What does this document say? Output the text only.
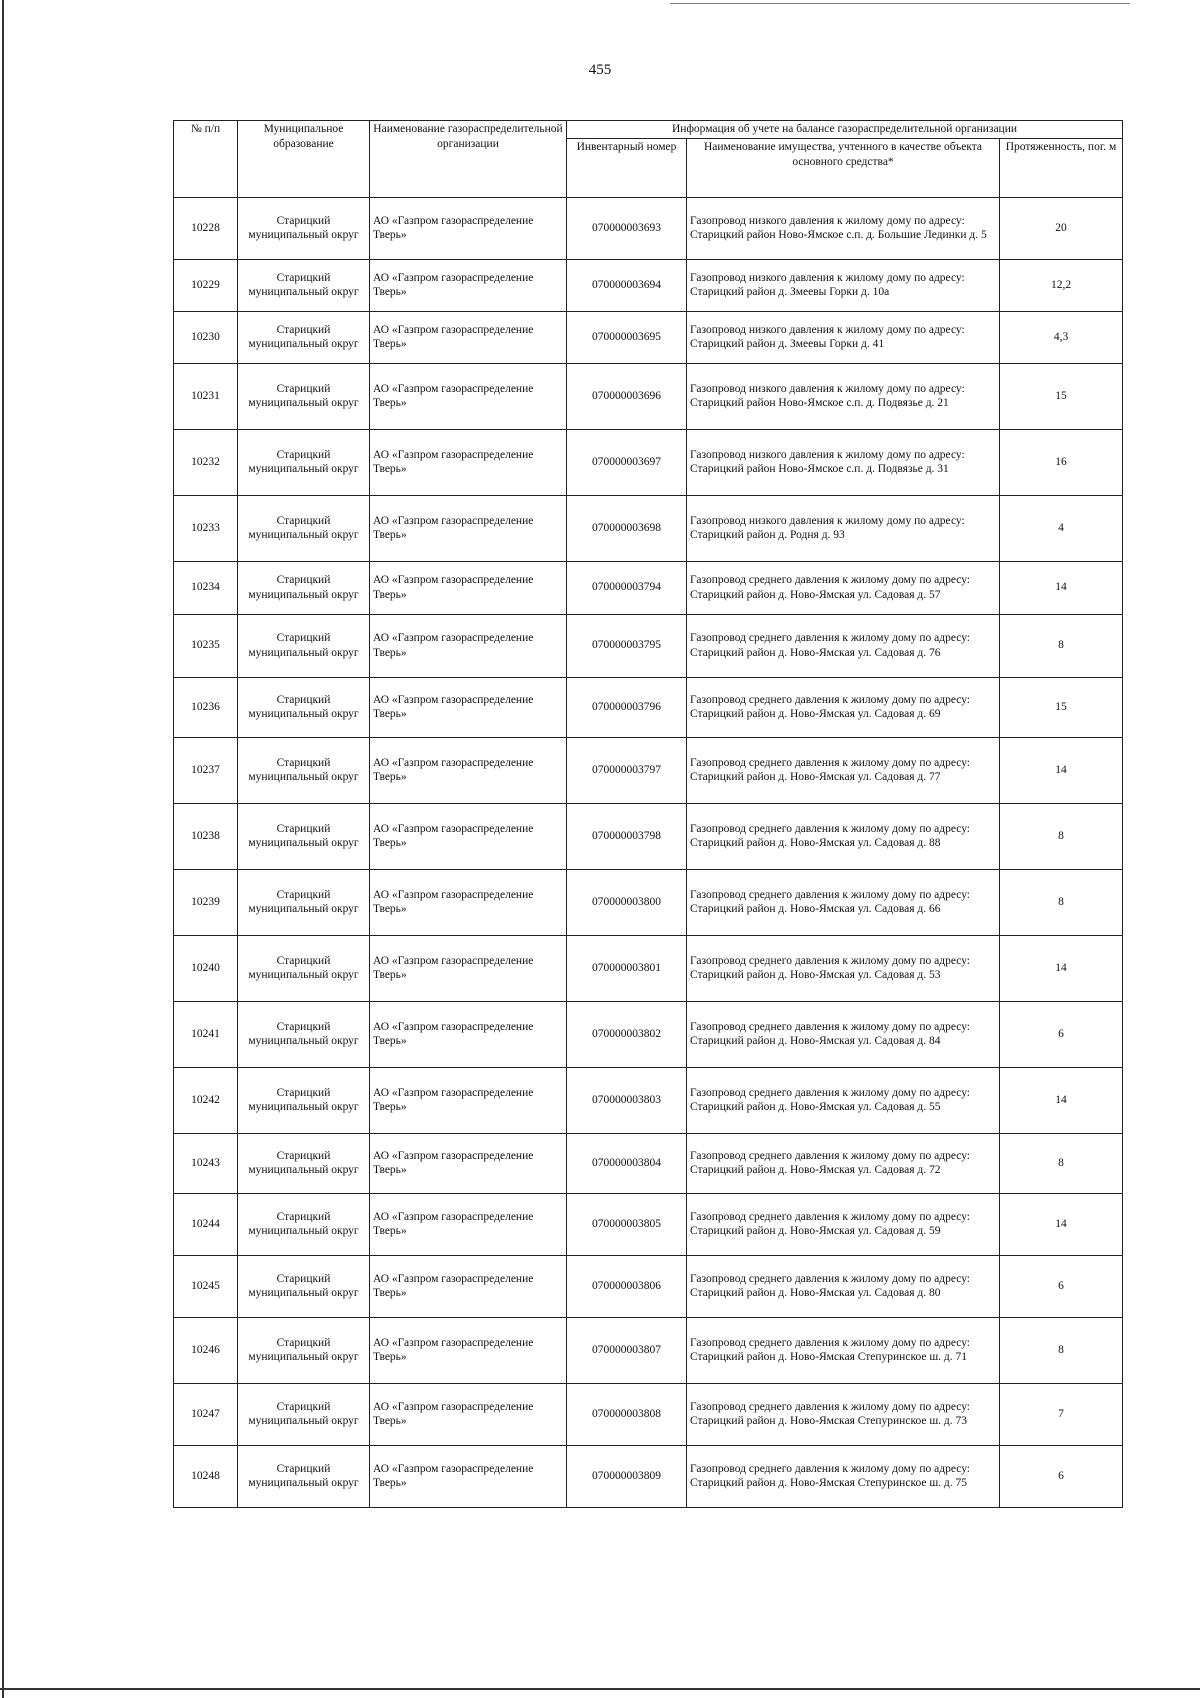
455
№ п/п	Муниципальное образование	Наименование газораспределительной организации	Информация об учете на балансе газораспределительной организации		
			Инвентарный номер	Наименование имущества, учтенного в качестве объекта основного средства*	Протяженность, пог. м
10228	Старицкий муниципальный округ	АО «Газпром газораспределение Тверь»	070000003693	Газопровод низкого давления к жилому дому по адресу: Старицкий район Ново-Ямское с.п. д. Большие Лединки д. 5	20
10229	Старицкий муниципальный округ	АО «Газпром газораспределение Тверь»	070000003694	Газопровод низкого давления к жилому дому по адресу: Старицкий район д. Змеевы Горки д. 10а	12,2
10230	Старицкий муниципальный округ	АО «Газпром газораспределение Тверь»	070000003695	Газопровод низкого давления к жилому дому по адресу: Старицкий район д. Змеевы Горки д. 41	4,3
10231	Старицкий муниципальный округ	АО «Газпром газораспределение Тверь»	070000003696	Газопровод низкого давления к жилому дому по адресу: Старицкий район Ново-Ямское с.п. д. Подвязье д. 21	15
10232	Старицкий муниципальный округ	АО «Газпром газораспределение Тверь»	070000003697	Газопровод низкого давления к жилому дому по адресу: Старицкий район Ново-Ямское с.п. д. Подвязье д. 31	16
10233	Старицкий муниципальный округ	АО «Газпром газораспределение Тверь»	070000003698	Газопровод низкого давления к жилому дому по адресу: Старицкий район д. Родня д. 93	4
10234	Старицкий муниципальный округ	АО «Газпром газораспределение Тверь»	070000003794	Газопровод среднего давления к жилому дому по адресу: Старицкий район д. Ново-Ямская ул. Садовая д. 57	14
10235	Старицкий муниципальный округ	АО «Газпром газораспределение Тверь»	070000003795	Газопровод среднего давления к жилому дому по адресу: Старицкий район д. Ново-Ямская ул. Садовая д. 76	8
10236	Старицкий муниципальный округ	АО «Газпром газораспределение Тверь»	070000003796	Газопровод среднего давления к жилому дому по адресу: Старицкий район д. Ново-Ямская ул. Садовая д. 69	15
10237	Старицкий муниципальный округ	АО «Газпром газораспределение Тверь»	070000003797	Газопровод среднего давления к жилому дому по адресу: Старицкий район д. Ново-Ямская ул. Садовая д. 77	14
10238	Старицкий муниципальный округ	АО «Газпром газораспределение Тверь»	070000003798	Газопровод среднего давления к жилому дому по адресу: Старицкий район д. Ново-Ямская ул. Садовая д. 88	8
10239	Старицкий муниципальный округ	АО «Газпром газораспределение Тверь»	070000003800	Газопровод среднего давления к жилому дому по адресу: Старицкий район д. Ново-Ямская ул. Садовая д. 66	8
10240	Старицкий муниципальный округ	АО «Газпром газораспределение Тверь»	070000003801	Газопровод среднего давления к жилому дому по адресу: Старицкий район д. Ново-Ямская ул. Садовая д. 53	14
10241	Старицкий муниципальный округ	АО «Газпром газораспределение Тверь»	070000003802	Газопровод среднего давления к жилому дому по адресу: Старицкий район д. Ново-Ямская ул. Садовая д. 84	6
10242	Старицкий муниципальный округ	АО «Газпром газораспределение Тверь»	070000003803	Газопровод среднего давления к жилому дому по адресу: Старицкий район д. Ново-Ямская ул. Садовая д. 55	14
10243	Старицкий муниципальный округ	АО «Газпром газораспределение Тверь»	070000003804	Газопровод среднего давления к жилому дому по адресу: Старицкий район д. Ново-Ямская ул. Садовая д. 72	8
10244	Старицкий муниципальный округ	АО «Газпром газораспределение Тверь»	070000003805	Газопровод среднего давления к жилому дому по адресу: Старицкий район д. Ново-Ямская ул. Садовая д. 59	14
10245	Старицкий муниципальный округ	АО «Газпром газораспределение Тверь»	070000003806	Газопровод среднего давления к жилому дому по адресу: Старицкий район д. Ново-Ямская ул. Садовая д. 80	6
10246	Старицкий муниципальный округ	АО «Газпром газораспределение Тверь»	070000003807	Газопровод среднего давления к жилому дому по адресу: Старицкий район д. Ново-Ямская Степуринское ш. д. 71	8
10247	Старицкий муниципальный округ	АО «Газпром газораспределение Тверь»	070000003808	Газопровод среднего давления к жилому дому по адресу: Старицкий район д. Ново-Ямская Степуринское ш. д. 73	7
10248	Старицкий муниципальный округ	АО «Газпром газораспределение Тверь»	070000003809	Газопровод среднего давления к жилому дому по адресу: Старицкий район д. Ново-Ямская Степуринское ш. д. 75	6
